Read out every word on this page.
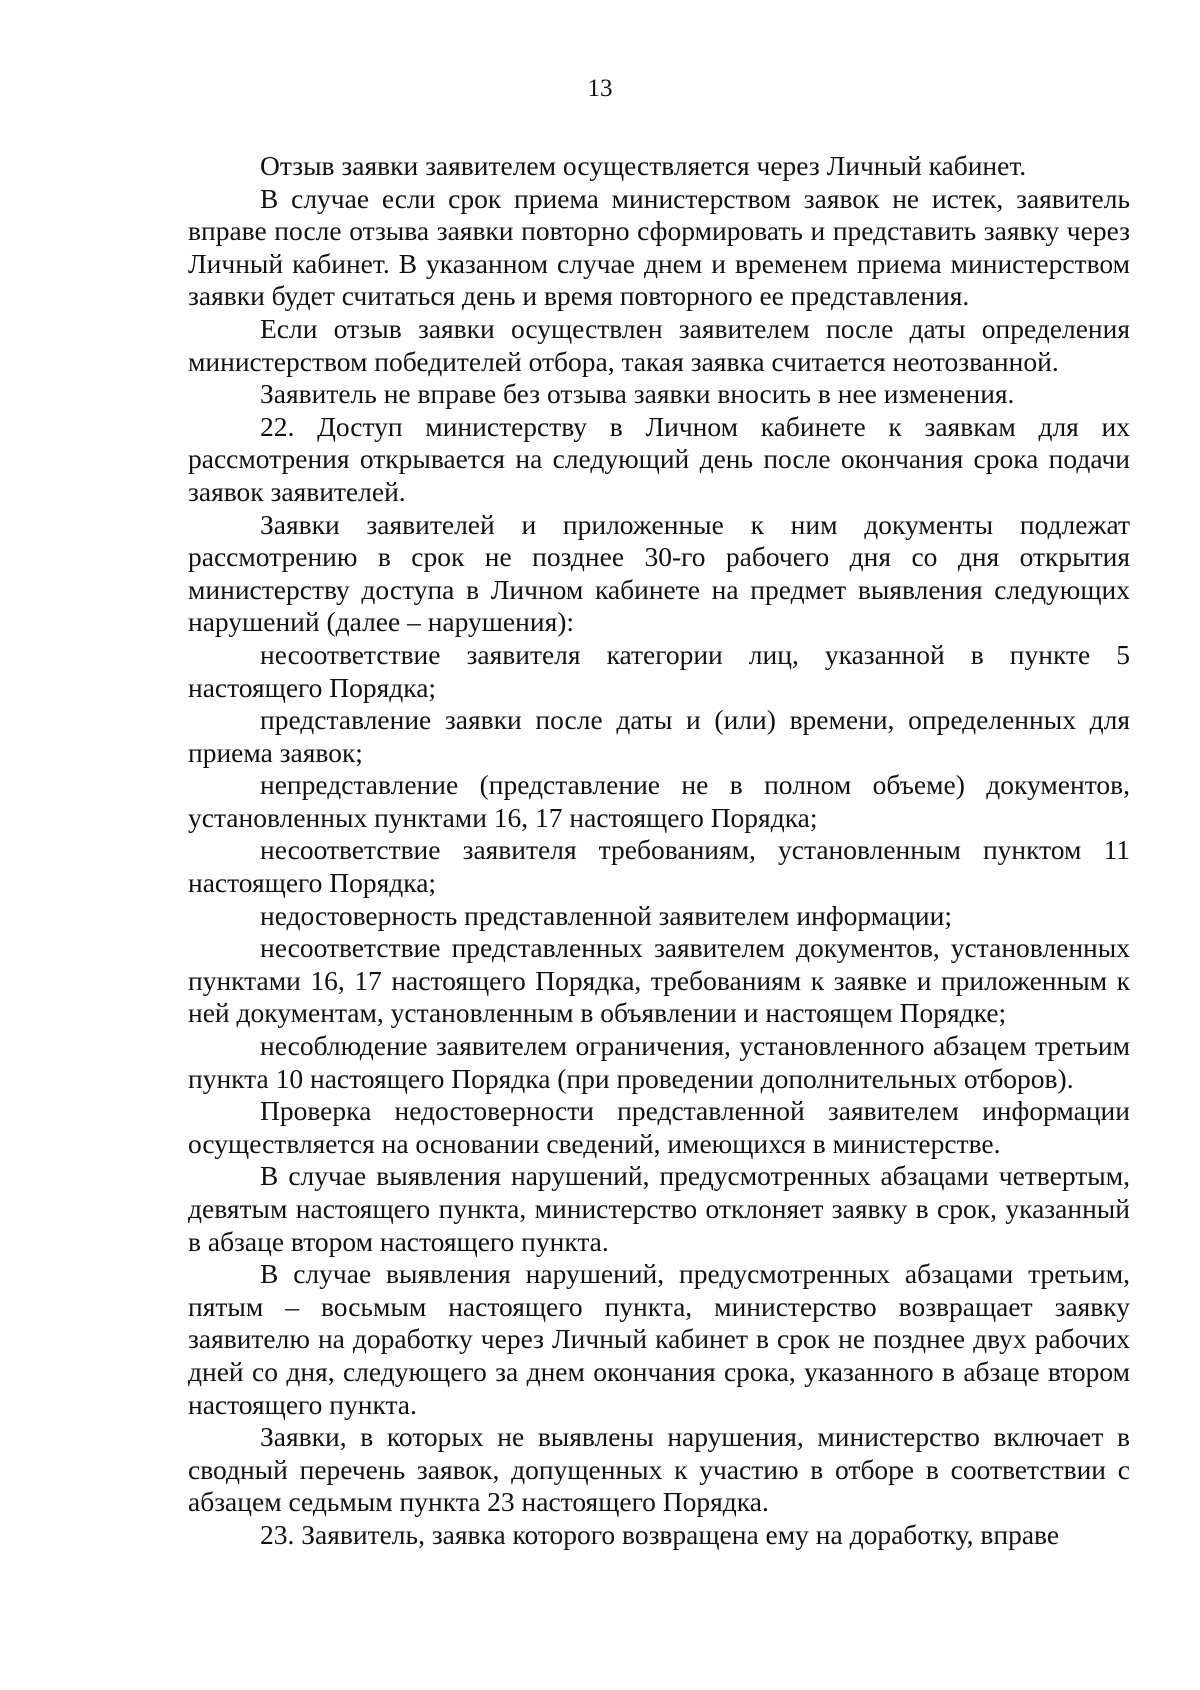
13

Отзыв заявки заявителем осуществляется через Личный кабинет.

В случае если срок приема министерством заявок не истек, заявитель вправе после отзыва заявки повторно сформировать и представить заявку через Личный кабинет. В указанном случае днем и временем приема министерством заявки будет считаться день и время повторного ее представления.

Если отзыв заявки осуществлен заявителем после даты определения министерством победителей отбора, такая заявка считается неотозванной.

Заявитель не вправе без отзыва заявки вносить в нее изменения.

22. Доступ министерству в Личном кабинете к заявкам для их рассмотрения открывается на следующий день после окончания срока подачи заявок заявителей.

Заявки заявителей и приложенные к ним документы подлежат рассмотрению в срок не позднее 30-го рабочего дня со дня открытия министерству доступа в Личном кабинете на предмет выявления следующих нарушений (далее – нарушения):

несоответствие заявителя категории лиц, указанной в пункте 5 настоящего Порядка;

представление заявки после даты и (или) времени, определенных для приема заявок;

непредставление (представление не в полном объеме) документов, установленных пунктами 16, 17 настоящего Порядка;

несоответствие заявителя требованиям, установленным пунктом 11 настоящего Порядка;

недостоверность представленной заявителем информации;

несоответствие представленных заявителем документов, установленных пунктами 16, 17 настоящего Порядка, требованиям к заявке и приложенным к ней документам, установленным в объявлении и настоящем Порядке;

несоблюдение заявителем ограничения, установленного абзацем третьим пункта 10 настоящего Порядка (при проведении дополнительных отборов).

Проверка недостоверности представленной заявителем информации осуществляется на основании сведений, имеющихся в министерстве.

В случае выявления нарушений, предусмотренных абзацами четвертым, девятым настоящего пункта, министерство отклоняет заявку в срок, указанный в абзаце втором настоящего пункта.

В случае выявления нарушений, предусмотренных абзацами третьим, пятым – восьмым настоящего пункта, министерство возвращает заявку заявителю на доработку через Личный кабинет в срок не позднее двух рабочих дней со дня, следующего за днем окончания срока, указанного в абзаце втором настоящего пункта.

Заявки, в которых не выявлены нарушения, министерство включает в сводный перечень заявок, допущенных к участию в отборе в соответствии с абзацем седьмым пункта 23 настоящего Порядка.

23. Заявитель, заявка которого возвращена ему на доработку, вправе
